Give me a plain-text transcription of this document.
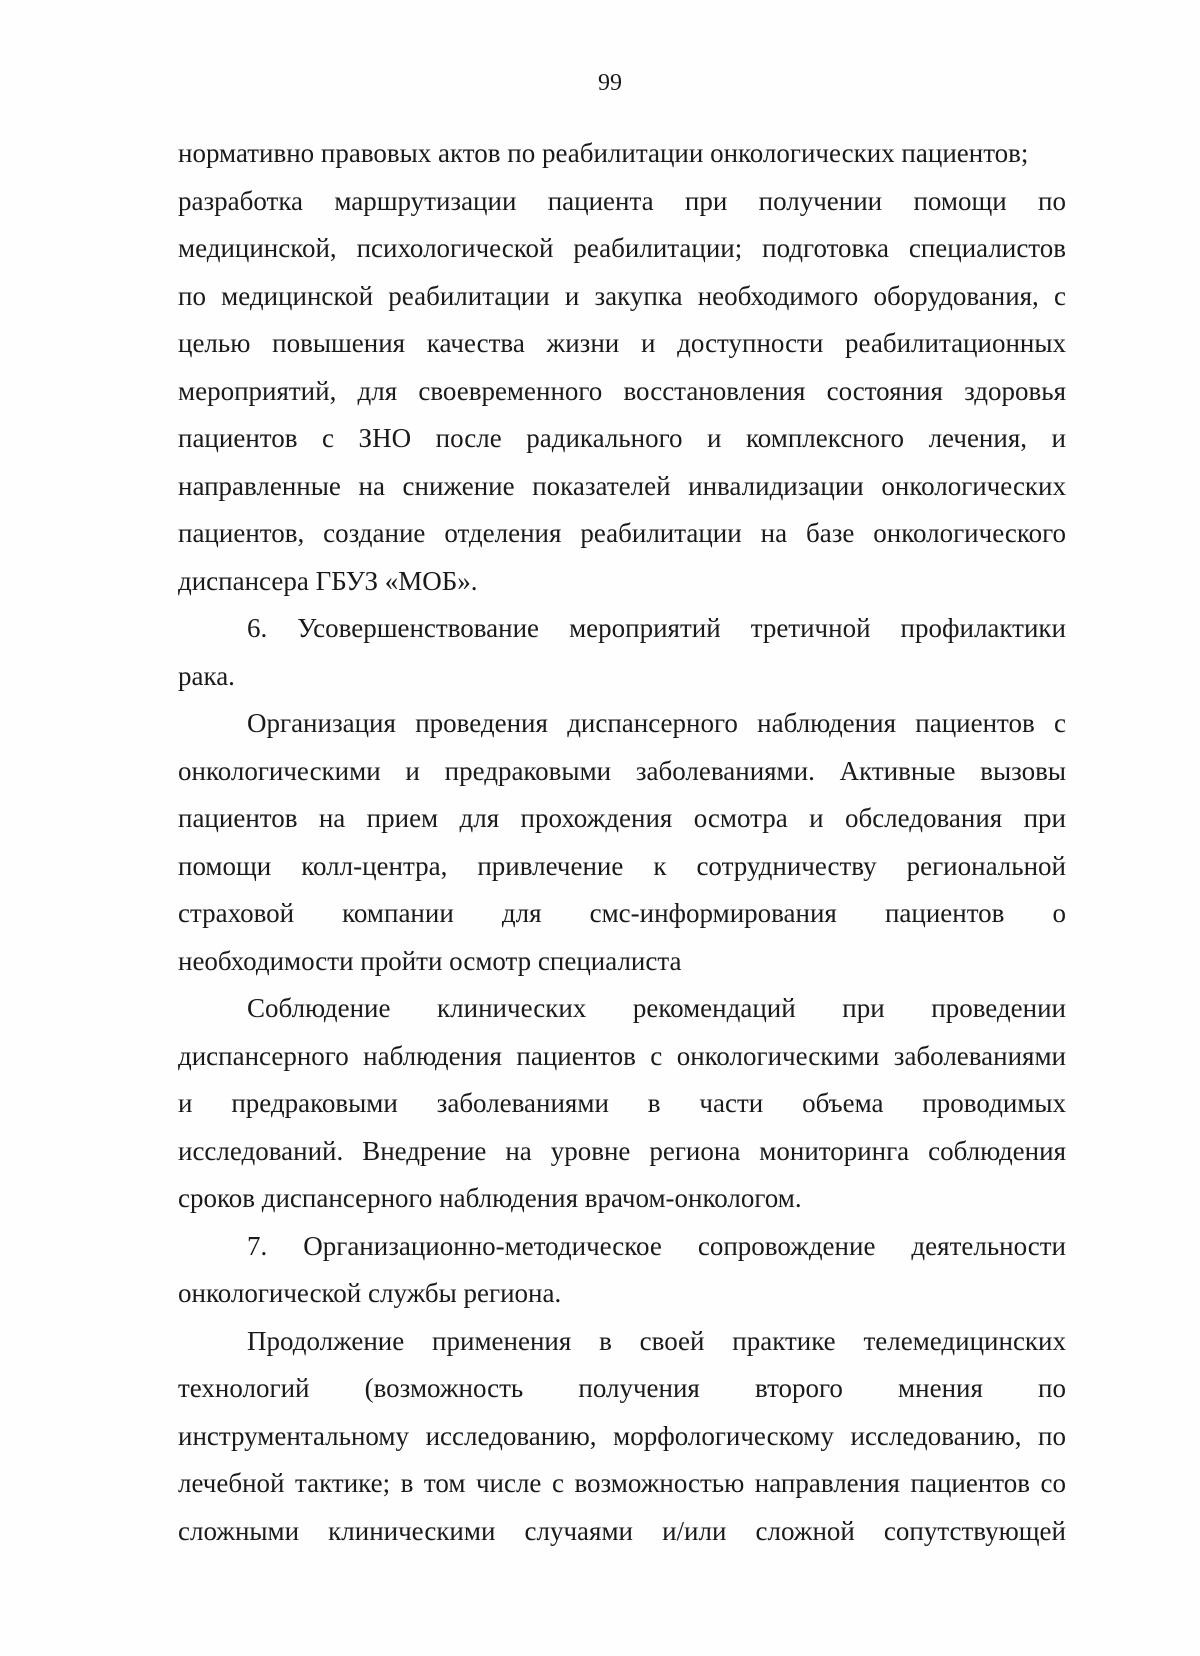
99
нормативно правовых актов по реабилитации онкологических пациентов;
разработка маршрутизации пациента при получении помощи по
медицинской, психологической реабилитации; подготовка специалистов
по медицинской реабилитации и закупка необходимого оборудования, с
целью повышения качества жизни и доступности реабилитационных
мероприятий, для своевременного восстановления состояния здоровья
пациентов с ЗНО после радикального и комплексного лечения, и
направленные на снижение показателей инвалидизации онкологических
пациентов, создание отделения реабилитации на базе онкологического
диспансера ГБУЗ «МОБ».
6. Усовершенствование мероприятий третичной профилактики
рака.
Организация проведения диспансерного наблюдения пациентов с
онкологическими и предраковыми заболеваниями. Активные вызовы
пациентов на прием для прохождения осмотра и обследования при
помощи колл-центра, привлечение к сотрудничеству региональной
страховой компании для смс-информирования пациентов о
необходимости пройти осмотр специалиста
Соблюдение клинических рекомендаций при проведении
диспансерного наблюдения пациентов с онкологическими заболеваниями
и предраковыми заболеваниями в части объема проводимых
исследований. Внедрение на уровне региона мониторинга соблюдения
сроков диспансерного наблюдения врачом-онкологом.
7. Организационно-методическое сопровождение деятельности
онкологической службы региона.
Продолжение применения в своей практике телемедицинских
технологий (возможность получения второго мнения по
инструментальному исследованию, морфологическому исследованию, по
лечебной тактике; в том числе с возможностью направления пациентов со
сложными клиническими случаями и/или сложной сопутствующей
